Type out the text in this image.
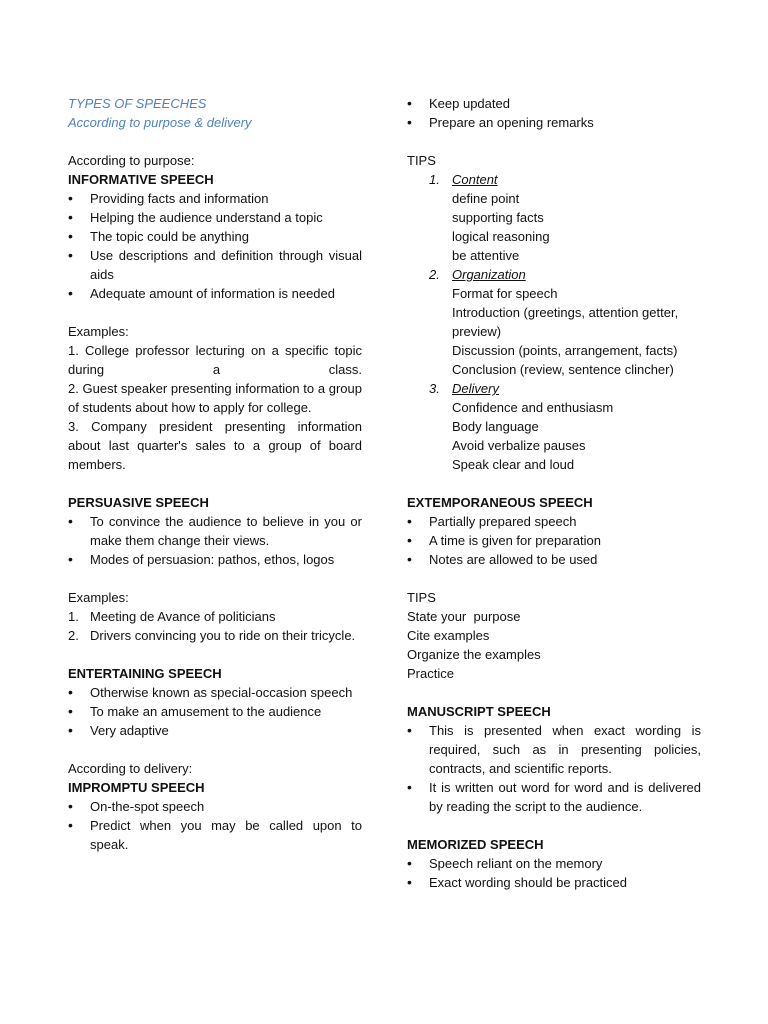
TYPES OF SPEECHES
According to purpose & delivery
According to purpose:
INFORMATIVE SPEECH
• Providing facts and information
• Helping the audience understand a topic
• The topic could be anything
• Use descriptions and definition through visual aids
• Adequate amount of information is needed
Examples:
1. College professor lecturing on a specific topic during a class.
2. Guest speaker presenting information to a group of students about how to apply for college.
3. Company president presenting information about last quarter's sales to a group of board members.
PERSUASIVE SPEECH
• To convince the audience to believe in you or make them change their views.
• Modes of persuasion: pathos, ethos, logos
Examples:
1. Meeting de Avance of politicians
2. Drivers convincing you to ride on their tricycle.
ENTERTAINING SPEECH
• Otherwise known as special-occasion speech
• To make an amusement to the audience
• Very adaptive
According to delivery:
IMPROMPTU SPEECH
• On-the-spot speech
• Predict when you may be called upon to speak.
• Keep updated
• Prepare an opening remarks
TIPS
1. Content
define point
supporting facts
logical reasoning
be attentive
2. Organization
Format for speech
Introduction (greetings, attention getter, preview)
Discussion (points, arrangement, facts)
Conclusion (review, sentence clincher)
3. Delivery
Confidence and enthusiasm
Body language
Avoid verbalize pauses
Speak clear and loud
EXTEMPORANEOUS SPEECH
• Partially prepared speech
• A time is given for preparation
• Notes are allowed to be used
TIPS
State your  purpose
Cite examples
Organize the examples
Practice
MANUSCRIPT SPEECH
• This is presented when exact wording is required, such as in presenting policies, contracts, and scientific reports.
• It is written out word for word and is delivered by reading the script to the audience.
MEMORIZED SPEECH
• Speech reliant on the memory
• Exact wording should be practiced
